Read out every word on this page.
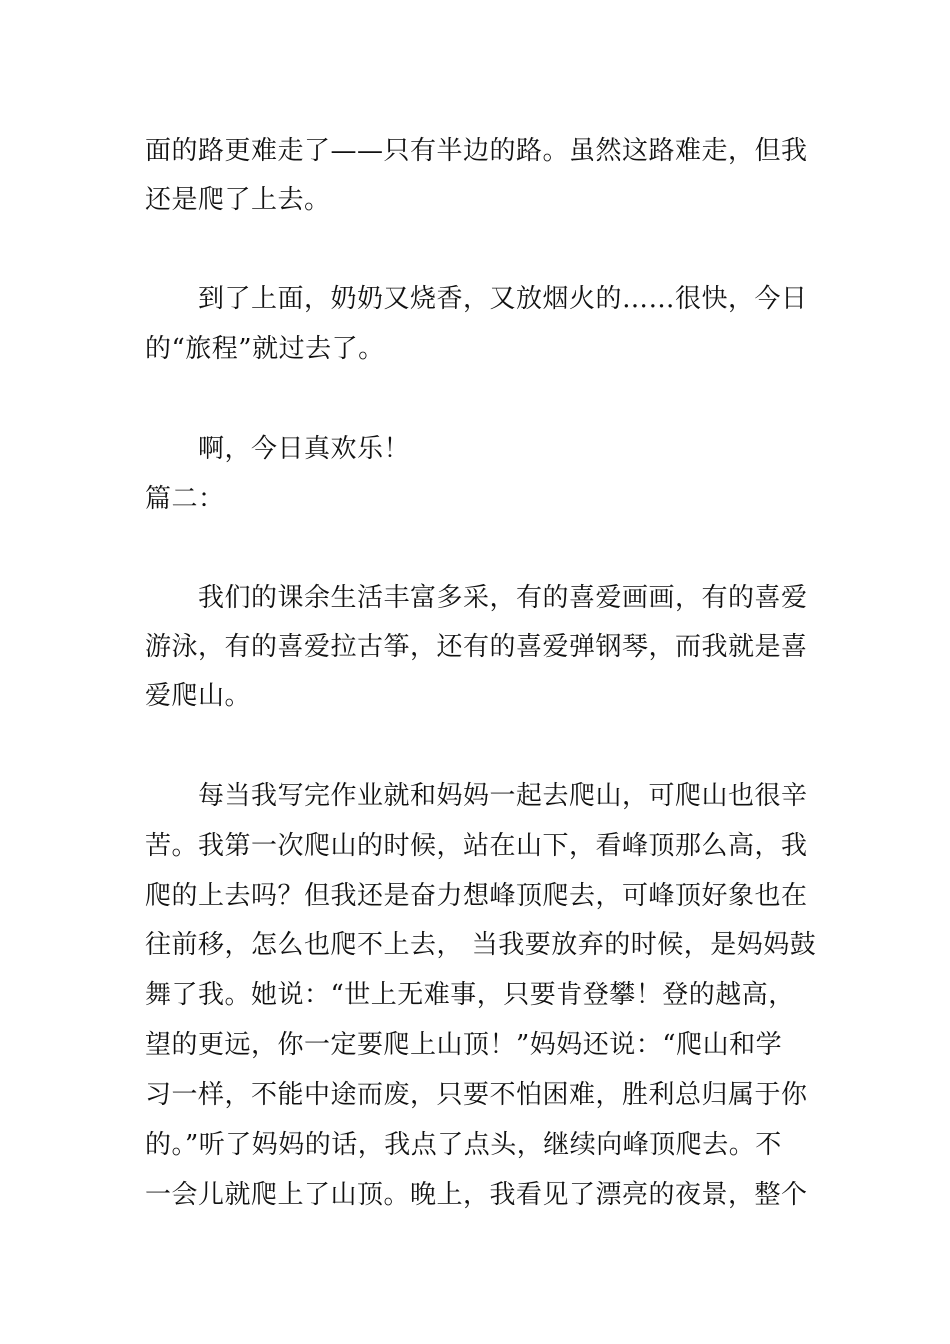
面的路更难走了——只有半边的路。虽然这路难走，但我
还是爬了上去。
到了上面，奶奶又烧香，又放烟火的……很快，今日
的“旅程”就过去了。
啊，今日真欢乐！
篇二：
我们的课余生活丰富多采，有的喜爱画画，有的喜爱
游泳，有的喜爱拉古筝，还有的喜爱弹钢琴，而我就是喜
爱爬山。
每当我写完作业就和妈妈一起去爬山，可爬山也很辛
苦。我第一次爬山的时候，站在山下，看峰顶那么高，我
爬的上去吗？但我还是奋力想峰顶爬去，可峰顶好象也在
往前移，怎么也爬不上去， 当我要放弃的时候，是妈妈鼓
舞了我。她说：“世上无难事，只要肯登攀！登的越高，
望的更远，你一定要爬上山顶！”妈妈还说：“爬山和学
习一样，不能中途而废，只要不怕困难，胜利总归属于你
的。”听了妈妈的话，我点了点头，继续向峰顶爬去。不
一会儿就爬上了山顶。晚上，我看见了漂亮的夜景，整个
